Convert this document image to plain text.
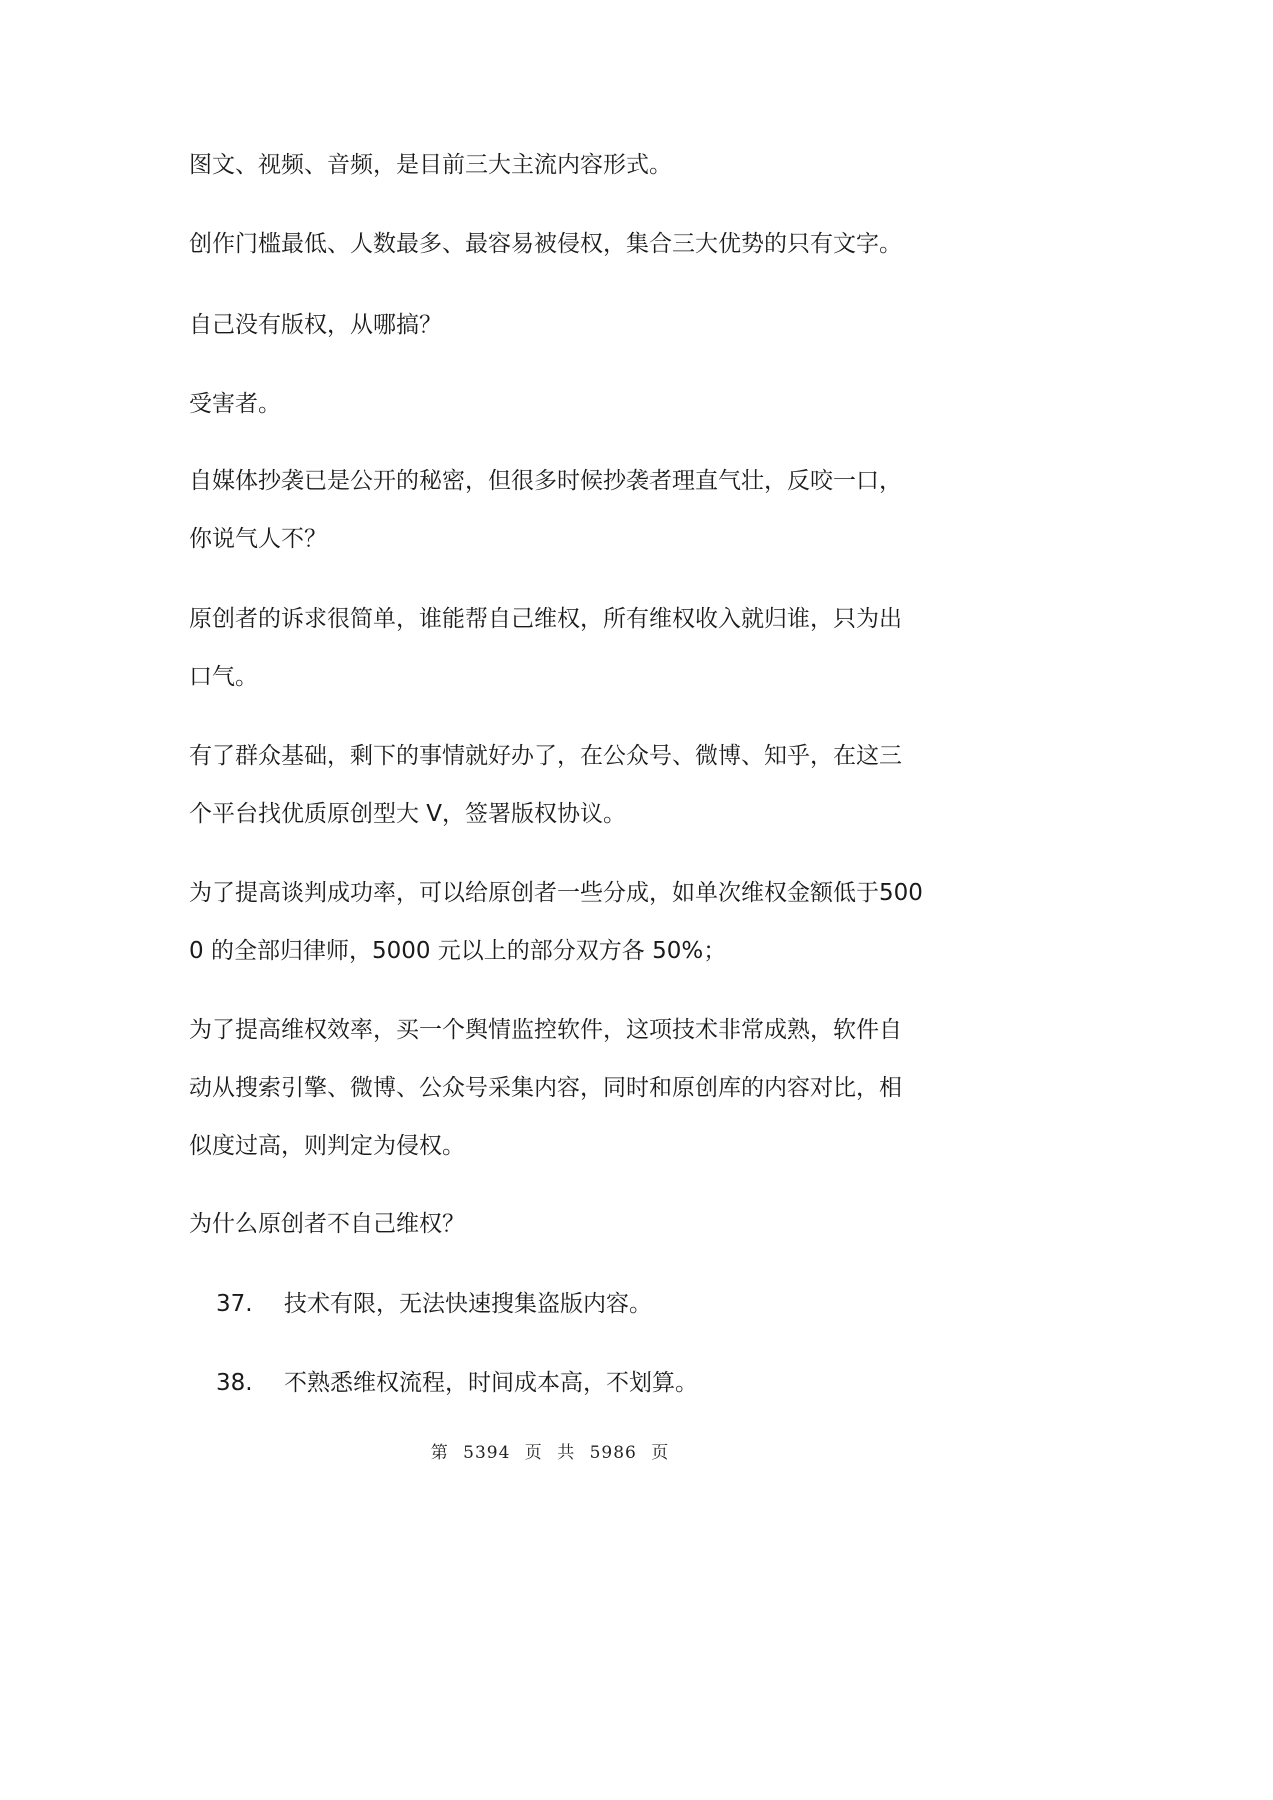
图文、视频、音频，是目前三大主流内容形式。

创作门槛最低、人数最多、最容易被侵权，集合三大优势的只有文字。

自己没有版权，从哪搞？

受害者。

自媒体抄袭已是公开的秘密，但很多时候抄袭者理直气壮，反咬一口，你说气人不？

原创者的诉求很简单，谁能帮自己维权，所有维权收入就归谁，只为出口气。

有了群众基础，剩下的事情就好办了，在公众号、微博、知乎，在这三个平台找优质原创型大 V，签署版权协议。

为了提高谈判成功率，可以给原创者一些分成，如单次维权金额低于5000 的全部归律师，5000 元以上的部分双方各 50%；

为了提高维权效率，买一个舆情监控软件，这项技术非常成熟，软件自动从搜索引擎、微博、公众号采集内容，同时和原创库的内容对比，相似度过高，则判定为侵权。

为什么原创者不自己维权？

37. 技术有限，无法快速搜集盗版内容。
38. 不熟悉维权流程，时间成本高，不划算。
第 5394 页 共 5986 页
